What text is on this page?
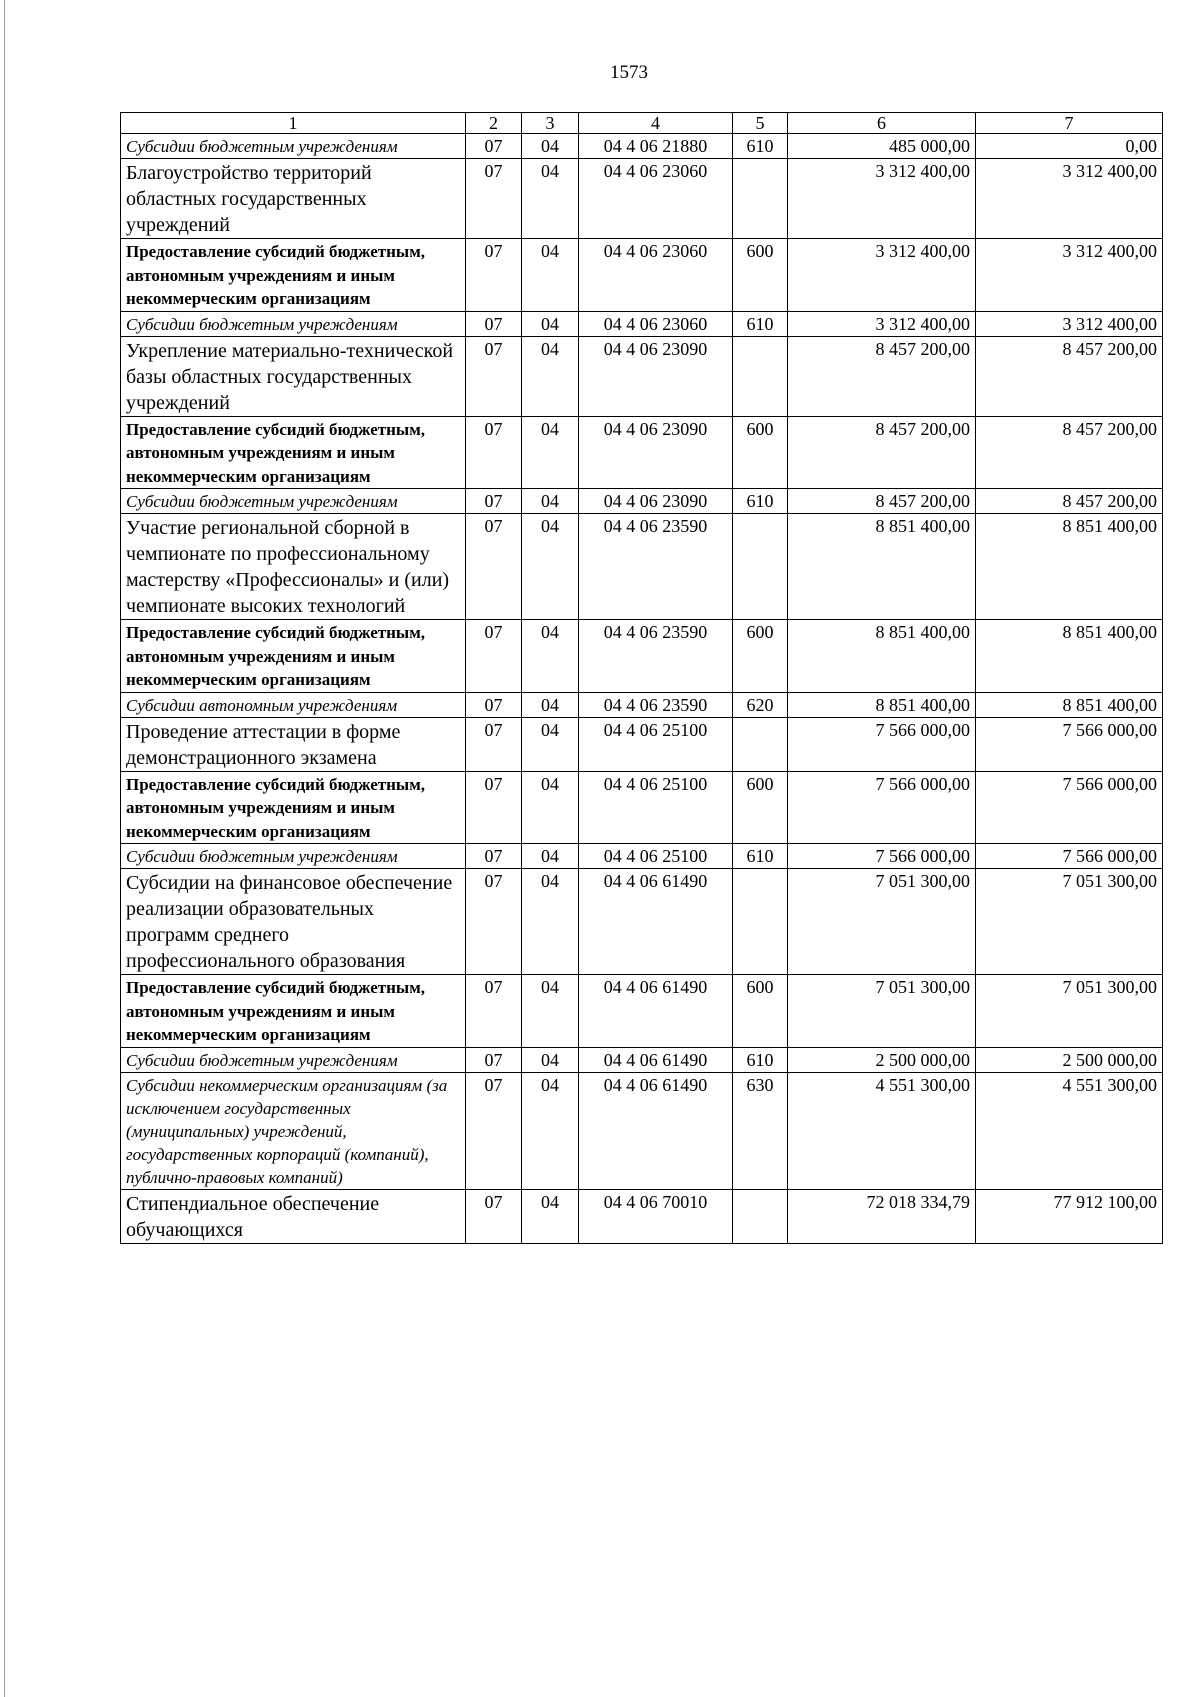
1573
1	2	3	4	5	6	7
Субсидии бюджетным учреждениям	07	04	04 4 06 21880	610	485 000,00	0,00
Благоустройство территорий областных государственных учреждений	07	04	04 4 06 23060		3 312 400,00	3 312 400,00
Предоставление субсидий бюджетным, автономным учреждениям и иным некоммерческим организациям	07	04	04 4 06 23060	600	3 312 400,00	3 312 400,00
Субсидии бюджетным учреждениям	07	04	04 4 06 23060	610	3 312 400,00	3 312 400,00
Укрепление материально-технической базы областных государственных учреждений	07	04	04 4 06 23090		8 457 200,00	8 457 200,00
Предоставление субсидий бюджетным, автономным учреждениям и иным некоммерческим организациям	07	04	04 4 06 23090	600	8 457 200,00	8 457 200,00
Субсидии бюджетным учреждениям	07	04	04 4 06 23090	610	8 457 200,00	8 457 200,00
Участие региональной сборной в чемпионате по профессиональному мастерству «Профессионалы» и (или) чемпионате высоких технологий	07	04	04 4 06 23590		8 851 400,00	8 851 400,00
Предоставление субсидий бюджетным, автономным учреждениям и иным некоммерческим организациям	07	04	04 4 06 23590	600	8 851 400,00	8 851 400,00
Субсидии автономным учреждениям	07	04	04 4 06 23590	620	8 851 400,00	8 851 400,00
Проведение аттестации в форме демонстрационного экзамена	07	04	04 4 06 25100		7 566 000,00	7 566 000,00
Предоставление субсидий бюджетным, автономным учреждениям и иным некоммерческим организациям	07	04	04 4 06 25100	600	7 566 000,00	7 566 000,00
Субсидии бюджетным учреждениям	07	04	04 4 06 25100	610	7 566 000,00	7 566 000,00
Субсидии на финансовое обеспечение реализации образовательных программ среднего профессионального образования	07	04	04 4 06 61490		7 051 300,00	7 051 300,00
Предоставление субсидий бюджетным, автономным учреждениям и иным некоммерческим организациям	07	04	04 4 06 61490	600	7 051 300,00	7 051 300,00
Субсидии бюджетным учреждениям	07	04	04 4 06 61490	610	2 500 000,00	2 500 000,00
Субсидии некоммерческим организациям (за исключением государственных (муниципальных) учреждений, государственных корпораций (компаний), публично-правовых компаний)	07	04	04 4 06 61490	630	4 551 300,00	4 551 300,00
Стипендиальное обеспечение обучающихся	07	04	04 4 06 70010		72 018 334,79	77 912 100,00
